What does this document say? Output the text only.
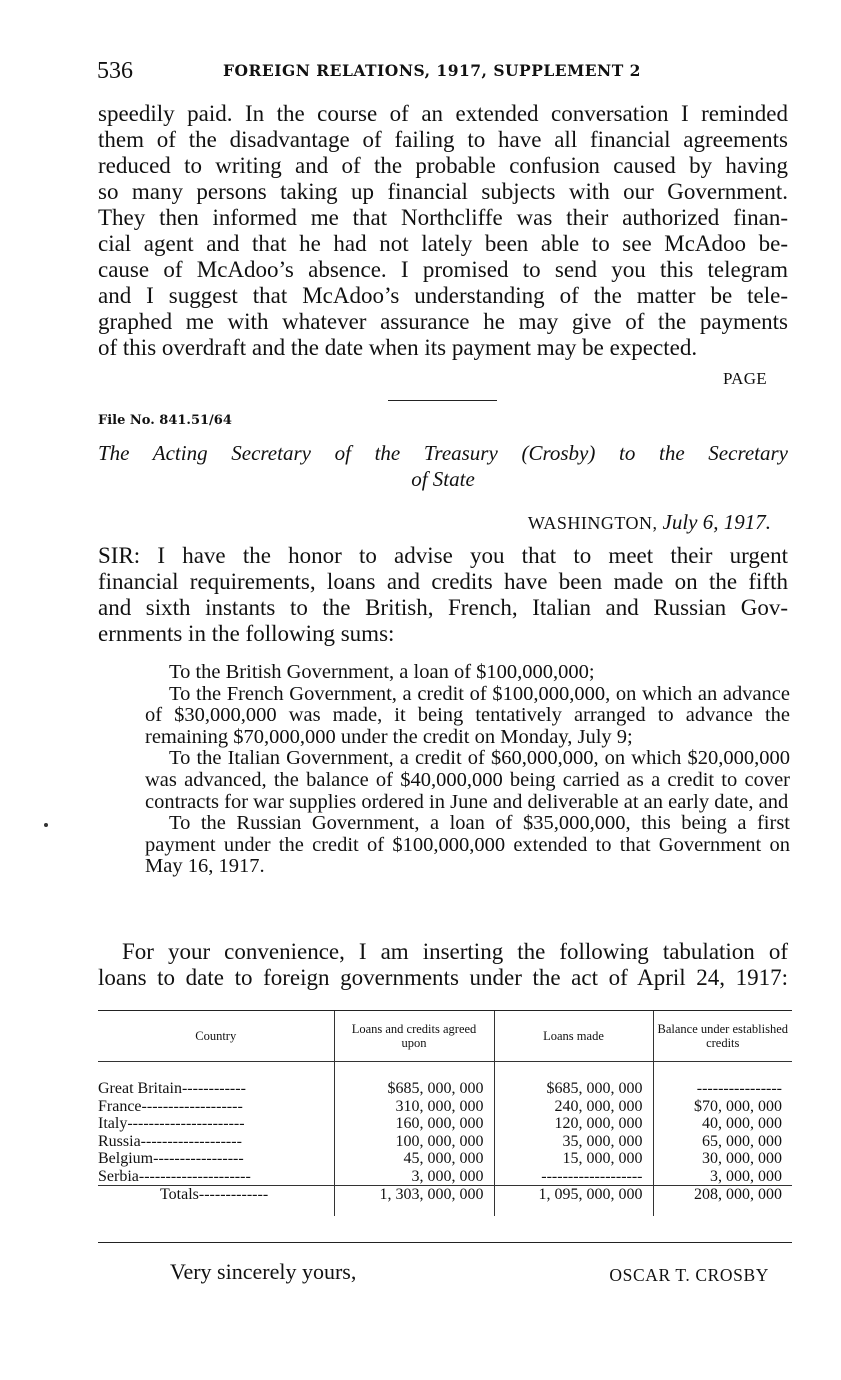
536	FOREIGN RELATIONS, 1917, SUPPLEMENT 2
speedily paid. In the course of an extended conversation I reminded
them of the disadvantage of failing to have all financial agreements
reduced to writing and of the probable confusion caused by having
so many persons taking up financial subjects with our Government.
They then informed me that Northcliffe was their authorized finan-
cial agent and that he had not lately been able to see McAdoo be-
cause of McAdoo’s absence. I promised to send you this telegram
and I suggest that McAdoo’s understanding of the matter be tele-
graphed me with whatever assurance he may give of the payments
of this overdraft and the date when its payment may be expected.
PAGE
File No. 841.51/64
The Acting Secretary of the Treasury (Crosby) to the Secretary
of State
WASHINGTON, July 6, 1917.
SIR: I have the honor to advise you that to meet their urgent
financial requirements, loans and credits have been made on the fifth
and sixth instants to the British, French, Italian and Russian Gov-
ernments in the following sums:
To the British Government, a loan of $100,000,000;
To the French Government, a credit of $100,000,000, on which an advance of $30,000,000 was made, it being tentatively arranged to advance the remaining $70,000,000 under the credit on Monday, July 9;
To the Italian Government, a credit of $60,000,000, on which $20,000,000 was advanced, the balance of $40,000,000 being carried as a credit to cover contracts for war supplies ordered in June and deliverable at an early date, and
To the Russian Government, a loan of $35,000,000, this being a first payment under the credit of $100,000,000 extended to that Government on May 16, 1917.
For your convenience, I am inserting the following tabulation of
loans to date to foreign governments under the act of April 24, 1917:
Country	Loans and credits agreed upon	Loans made	Balance under established credits

Great Britain------------	$685, 000, 000	$685, 000, 000	----------------
France-------------------	310, 000, 000	240, 000, 000	$70, 000, 000
Italy----------------------	160, 000, 000	120, 000, 000	40, 000, 000
Russia-------------------	100, 000, 000	35, 000, 000	65, 000, 000
Belgium-----------------	45, 000, 000	15, 000, 000	30, 000, 000
Serbia---------------------	3, 000, 000	-------------------	3, 000, 000
Totals-------------	1, 303, 000, 000	1, 095, 000, 000	208, 000, 000
Very sincerely yours,	OSCAR T. CROSBY
